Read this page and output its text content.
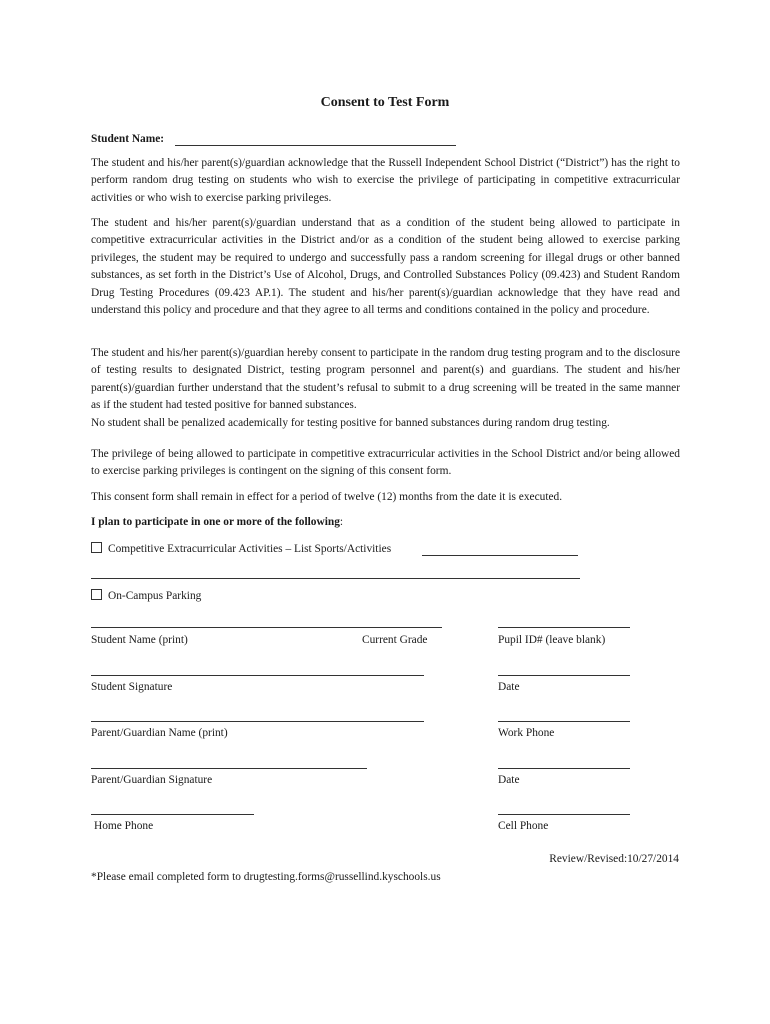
Consent to Test Form
Student Name:

The student and his/her parent(s)/guardian acknowledge that the Russell Independent School District (“District”) has the right to perform random drug testing on students who wish to exercise the privilege of participating in competitive extracurricular activities or who wish to exercise parking privileges.

The student and his/her parent(s)/guardian understand that as a condition of the student being allowed to participate in competitive extracurricular activities in the District and/or as a condition of the student being allowed to exercise parking privileges, the student may be required to undergo and successfully pass a random screening for illegal drugs or other banned substances, as set forth in the District’s Use of Alcohol, Drugs, and Controlled Substances Policy (09.423) and Student Random Drug Testing Procedures (09.423 AP.1). The student and his/her parent(s)/guardian acknowledge that they have read and understand this policy and procedure and that they agree to all terms and conditions contained in the policy and procedure.

The student and his/her parent(s)/guardian hereby consent to participate in the random drug testing program and to the disclosure of testing results to designated District, testing program personnel and parent(s) and guardians. The student and his/her parent(s)/guardian further understand that the student’s refusal to submit to a drug screening will be treated in the same manner as if the student had tested positive for banned substances.

No student shall be penalized academically for testing positive for banned substances during random drug testing.

The privilege of being allowed to participate in competitive extracurricular activities in the School District and/or being allowed to exercise parking privileges is contingent on the signing of this consent form.

This consent form shall remain in effect for a period of twelve (12) months from the date it is executed.

I plan to participate in one or more of the following:
Competitive Extracurricular Activities – List Sports/Activities
On-Campus Parking
Student Name (print)	Current Grade	Pupil ID# (leave blank)
Student Signature	Date
Parent/Guardian Name (print)	Work Phone
Parent/Guardian Signature	Date
Home Phone	Cell Phone
Review/Revised:10/27/2014
*Please email completed form to drugtesting.forms@russellind.kyschools.us
